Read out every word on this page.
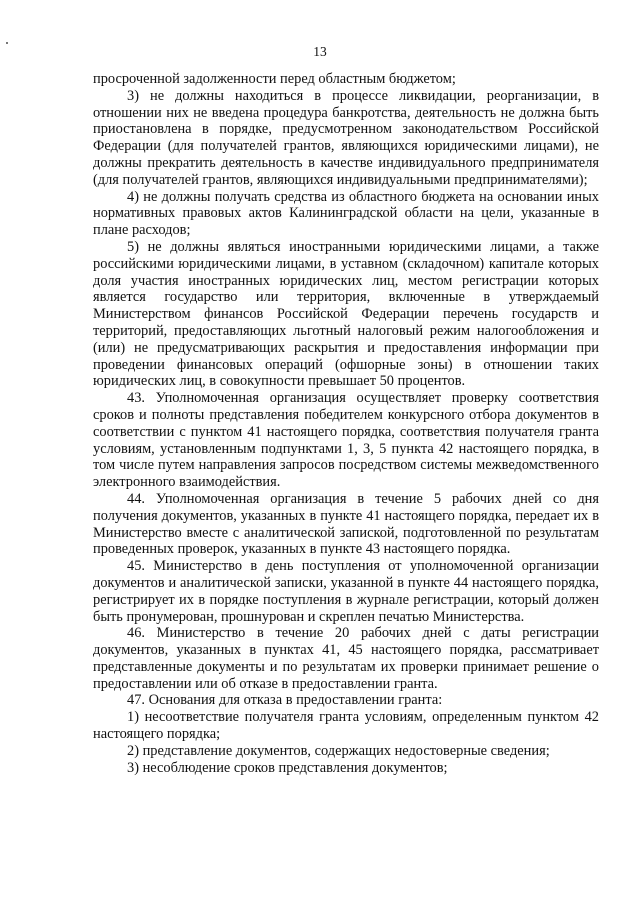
13

просроченной задолженности перед областным бюджетом;

3) не должны находиться в процессе ликвидации, реорганизации, в отношении них не введена процедура банкротства, деятельность не должна быть приостановлена в порядке, предусмотренном законодательством Российской Федерации (для получателей грантов, являющихся юридическими лицами), не должны прекратить деятельность в качестве индивидуального предпринимателя (для получателей грантов, являющихся индивидуальными предпринимателями);

4) не должны получать средства из областного бюджета на основании иных нормативных правовых актов Калининградской области на цели, указанные в плане расходов;

5) не должны являться иностранными юридическими лицами, а также российскими юридическими лицами, в уставном (складочном) капитале которых доля участия иностранных юридических лиц, местом регистрации которых является государство или территория, включенные в утверждаемый Министерством финансов Российской Федерации перечень государств и территорий, предоставляющих льготный налоговый режим налогообложения и (или) не предусматривающих раскрытия и предоставления информации при проведении финансовых операций (офшорные зоны) в отношении таких юридических лиц, в совокупности превышает 50 процентов.

43. Уполномоченная организация осуществляет проверку соответствия сроков и полноты представления победителем конкурсного отбора документов в соответствии с пунктом 41 настоящего порядка, соответствия получателя гранта условиям, установленным подпунктами 1, 3, 5 пункта 42 настоящего порядка, в том числе путем направления запросов посредством системы межведомственного электронного взаимодействия.

44. Уполномоченная организация в течение 5 рабочих дней со дня получения документов, указанных в пункте 41 настоящего порядка, передает их в Министерство вместе с аналитической запиской, подготовленной по результатам проведенных проверок, указанных в пункте 43 настоящего порядка.

45. Министерство в день поступления от уполномоченной организации документов и аналитической записки, указанной в пункте 44 настоящего порядка, регистрирует их в порядке поступления в журнале регистрации, который должен быть пронумерован, прошнурован и скреплен печатью Министерства.

46. Министерство в течение 20 рабочих дней с даты регистрации документов, указанных в пунктах 41, 45 настоящего порядка, рассматривает представленные документы и по результатам их проверки принимает решение о предоставлении или об отказе в предоставлении гранта.

47. Основания для отказа в предоставлении гранта:

1) несоответствие получателя гранта условиям, определенным пунктом 42 настоящего порядка;

2) представление документов, содержащих недостоверные сведения;

3) несоблюдение сроков представления документов;
